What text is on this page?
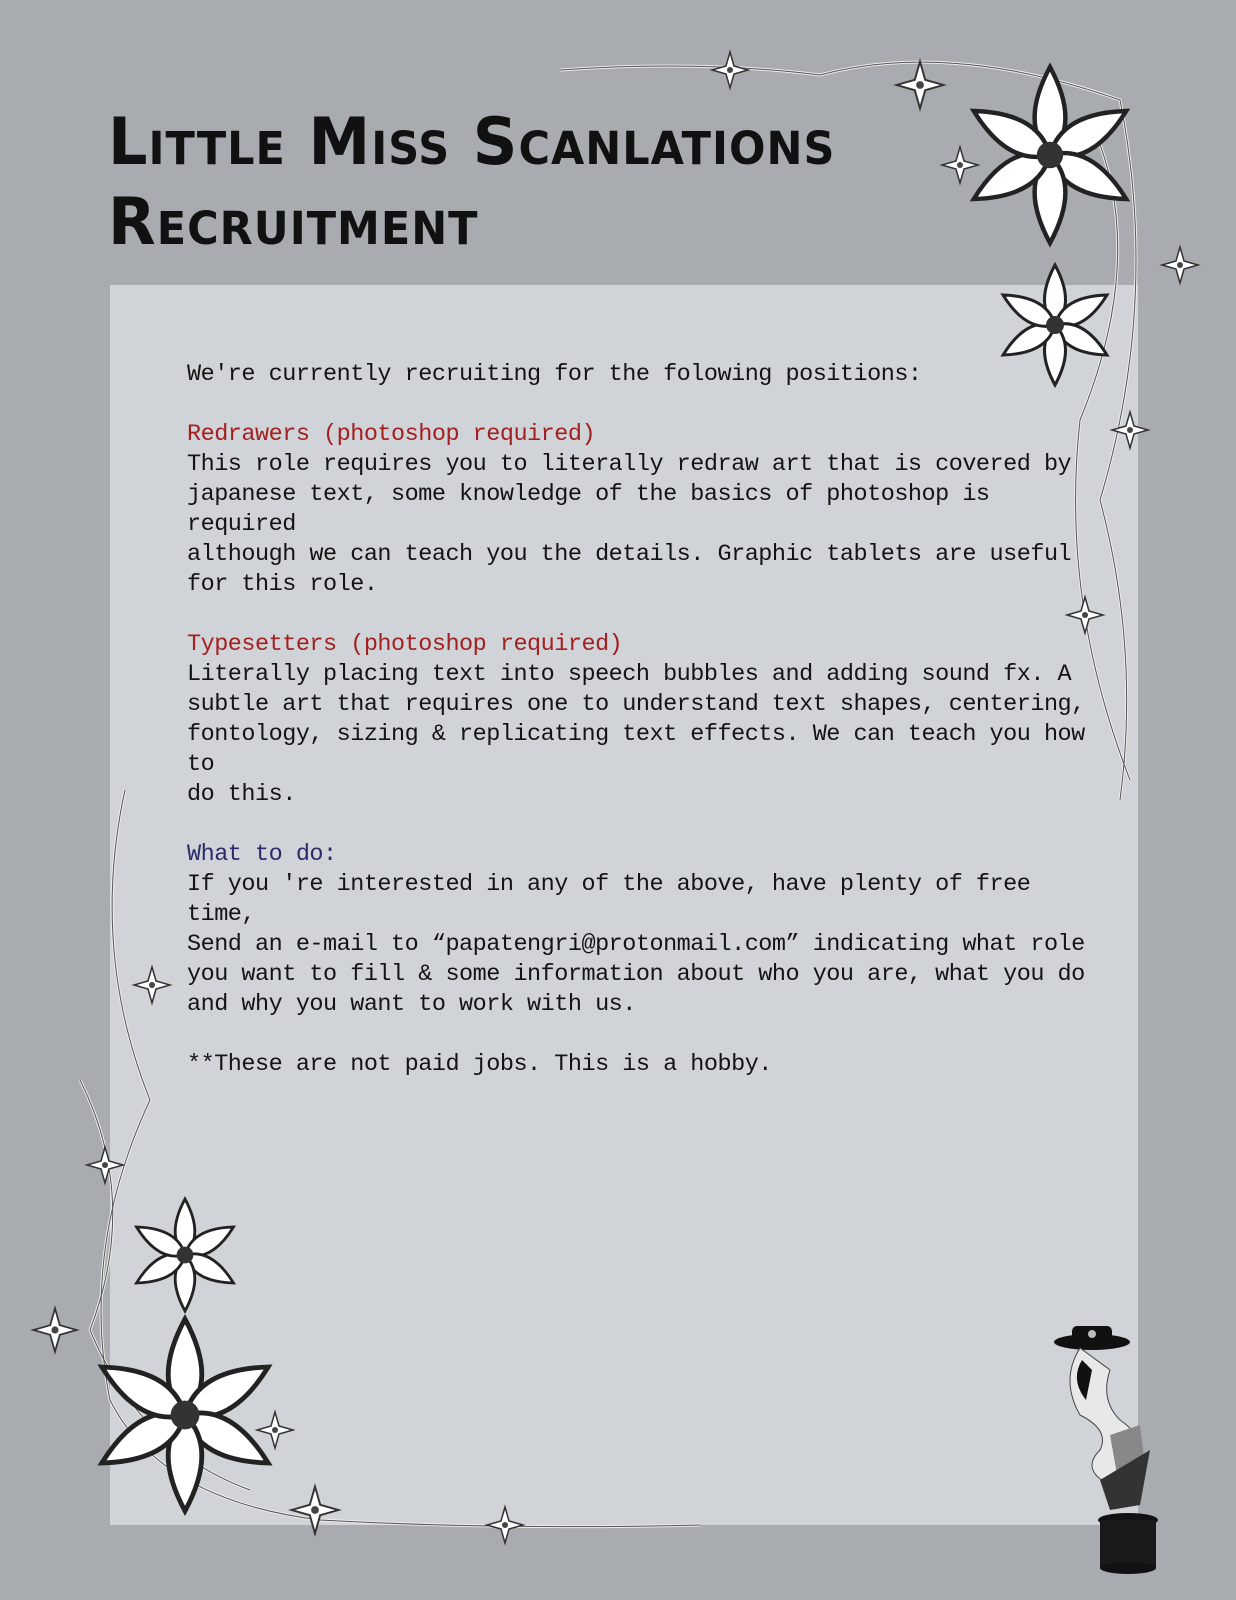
Little Miss Scanlations
Recruitment

We're currently recruiting for the folowing positions:

Redrawers (photoshop required)

This role requires you to literally redraw art that is covered by

japanese text, some knowledge of the basics of photoshop is required

although we can teach you the details. Graphic tablets are useful

for this role.

Typesetters (photoshop required)

Literally placing text into speech bubbles and adding sound fx. A

subtle art that requires one to understand text shapes, centering,

fontology, sizing & replicating text effects. We can teach you how to

do this.

What to do:

If you 're interested in any of the above, have plenty of free time,

Send an e-mail to “papatengri@protonmail.com” indicating what role

you want to fill & some information about who you are, what you do

and why you want to work with us.

**These are not paid jobs. This is a hobby.
